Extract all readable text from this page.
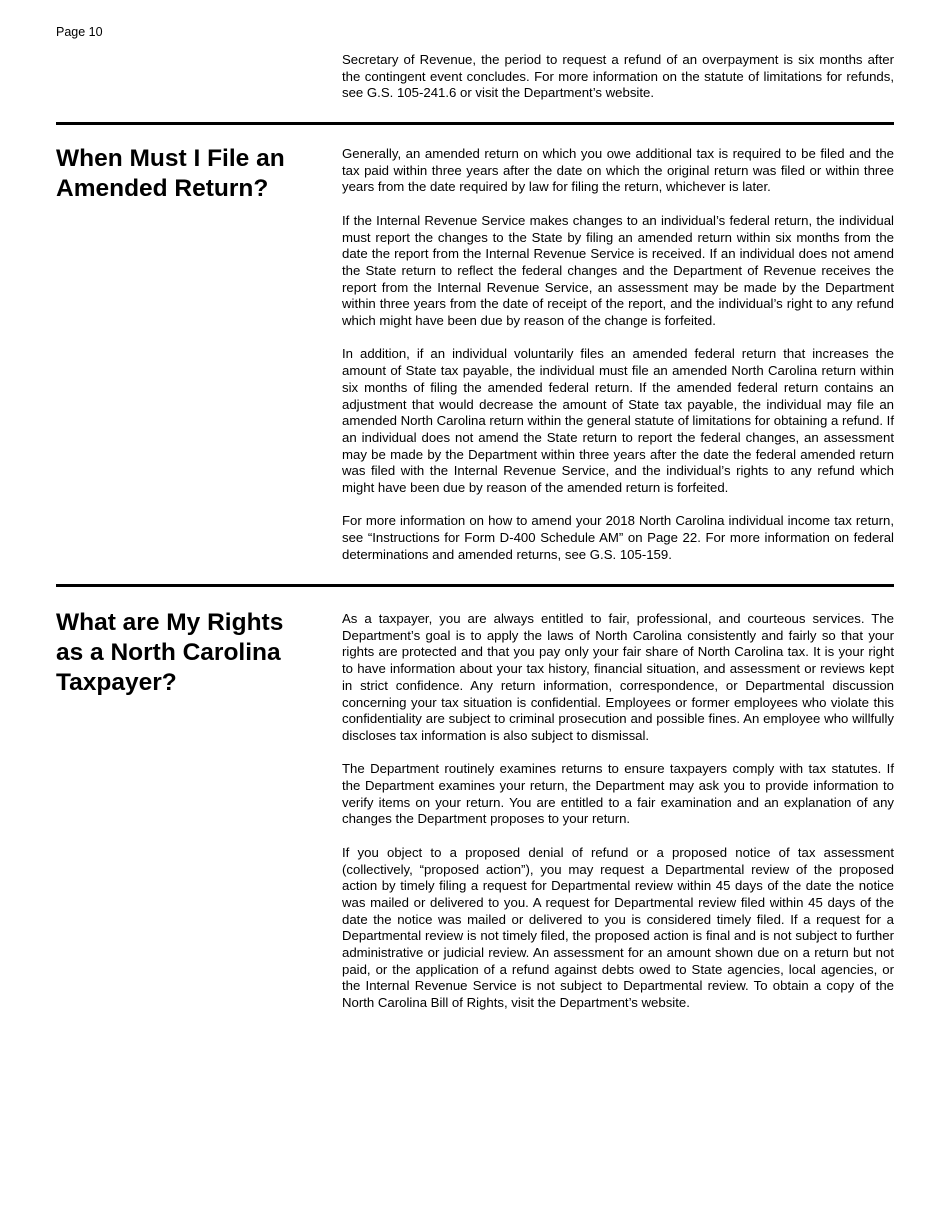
Page 10

Secretary of Revenue, the period to request a refund of an overpayment is six months after the contingent event concludes. For more information on the statute of limitations for refunds, see G.S. 105-241.6 or visit the Department’s website.

When Must I File an Amended Return?

Generally, an amended return on which you owe additional tax is required to be filed and the tax paid within three years after the date on which the original return was filed or within three years from the date required by law for filing the return, whichever is later.

If the Internal Revenue Service makes changes to an individual’s federal return, the individual must report the changes to the State by filing an amended return within six months from the date the report from the Internal Revenue Service is received. If an individual does not amend the State return to reflect the federal changes and the Department of Revenue receives the report from the Internal Revenue Service, an assessment may be made by the Department within three years from the date of receipt of the report, and the individual’s right to any refund which might have been due by reason of the change is forfeited.

In addition, if an individual voluntarily files an amended federal return that increases the amount of State tax payable, the individual must file an amended North Carolina return within six months of filing the amended federal return. If the amended federal return contains an adjustment that would decrease the amount of State tax payable, the individual may file an amended North Carolina return within the general statute of limitations for obtaining a refund. If an individual does not amend the State return to report the federal changes, an assessment may be made by the Department within three years after the date the federal amended return was filed with the Internal Revenue Service, and the individual’s rights to any refund which might have been due by reason of the amended return is forfeited.

For more information on how to amend your 2018 North Carolina individual income tax return, see “Instructions for Form D-400 Schedule AM” on Page 22. For more information on federal determinations and amended returns, see G.S. 105-159.

What are My Rights as a North Carolina Taxpayer?

As a taxpayer, you are always entitled to fair, professional, and courteous services. The Department’s goal is to apply the laws of North Carolina consistently and fairly so that your rights are protected and that you pay only your fair share of North Carolina tax. It is your right to have information about your tax history, financial situation, and assessment or reviews kept in strict confidence. Any return information, correspondence, or Departmental discussion concerning your tax situation is confidential. Employees or former employees who violate this confidentiality are subject to criminal prosecution and possible fines. An employee who willfully discloses tax information is also subject to dismissal.

The Department routinely examines returns to ensure taxpayers comply with tax statutes. If the Department examines your return, the Department may ask you to provide information to verify items on your return. You are entitled to a fair examination and an explanation of any changes the Department proposes to your return.

If you object to a proposed denial of refund or a proposed notice of tax assessment (collectively, “proposed action”), you may request a Departmental review of the proposed action by timely filing a request for Departmental review within 45 days of the date the notice was mailed or delivered to you. A request for Departmental review filed within 45 days of the date the notice was mailed or delivered to you is considered timely filed. If a request for a Departmental review is not timely filed, the proposed action is final and is not subject to further administrative or judicial review. An assessment for an amount shown due on a return but not paid, or the application of a refund against debts owed to State agencies, local agencies, or the Internal Revenue Service is not subject to Departmental review. To obtain a copy of the North Carolina Bill of Rights, visit the Department’s website.
